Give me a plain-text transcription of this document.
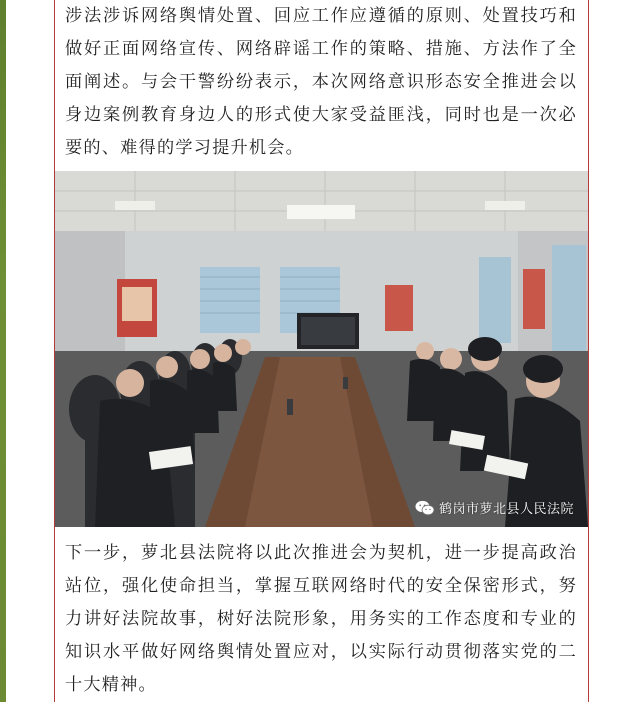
涉法涉诉网络舆情处置、回应工作应遵循的原则、处置技巧和做好正面网络宣传、网络辟谣工作的策略、措施、方法作了全面阐述。与会干警纷纷表示，本次网络意识形态安全推进会以身边案例教育身边人的形式使大家受益匪浅，同时也是一次必要的、难得的学习提升机会。

鹤岗市萝北县人民法院

下一步，萝北县法院将以此次推进会为契机，进一步提高政治站位，强化使命担当，掌握互联网络时代的安全保密形式，努力讲好法院故事，树好法院形象，用务实的工作态度和专业的知识水平做好网络舆情处置应对，以实际行动贯彻落实党的二十大精神。
